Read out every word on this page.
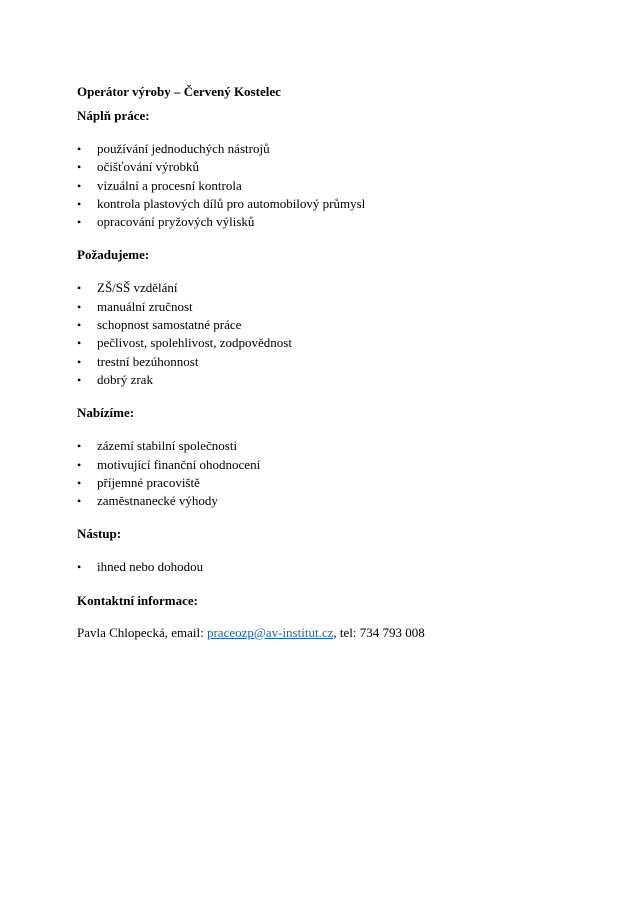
Operátor výroby – Červený Kostelec

Náplň práce:

•	používání jednoduchých nástrojů
•	očišťování výrobků
•	vizuální a procesní kontrola
•	kontrola plastových dílů pro automobilový průmysl
•	opracování pryžových výlisků

Požadujeme:

•	ZŠ/SŠ vzdělání
•	manuální zručnost
•	schopnost samostatné práce
•	pečlivost, spolehlivost, zodpovědnost
•	trestní bezúhonnost
•	dobrý zrak

Nabízíme:

•	zázemí stabilní společnosti
•	motivující finanční ohodnocení
•	příjemné pracoviště
•	zaměstnanecké výhody

Nástup:

•	ihned nebo dohodou

Kontaktní informace:

Pavla Chlopecká, email: praceozp@av-institut.cz, tel: 734 793 008
